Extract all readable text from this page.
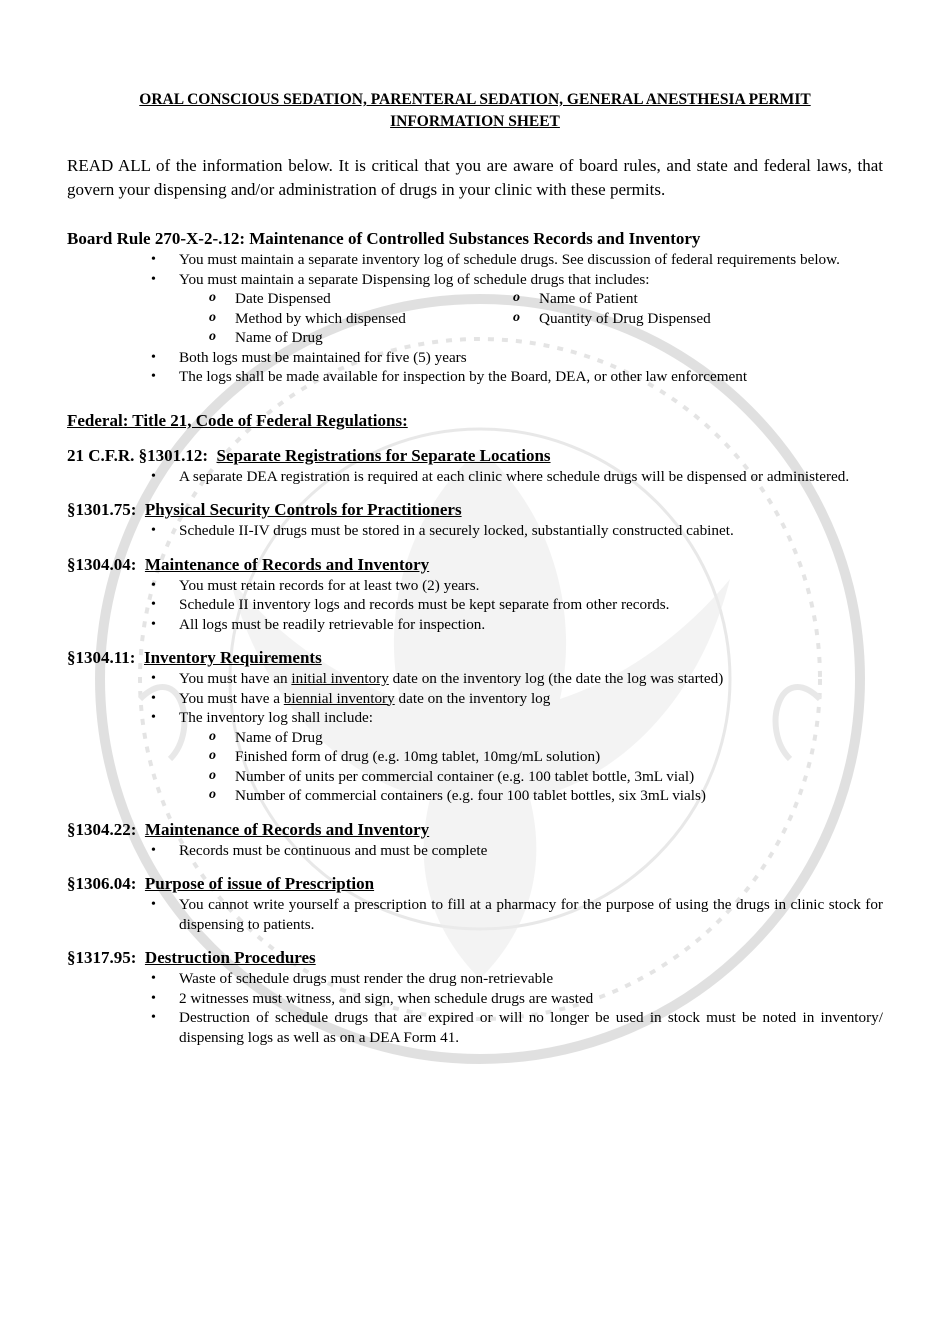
ORAL CONSCIOUS SEDATION, PARENTERAL SEDATION, GENERAL ANESTHESIA PERMIT
INFORMATION SHEET
READ ALL of the information below. It is critical that you are aware of board rules, and state and federal laws, that govern your dispensing and/or administration of drugs in your clinic with these permits.
Board Rule 270-X-2-.12: Maintenance of Controlled Substances Records and Inventory
• You must maintain a separate inventory log of schedule drugs. See discussion of federal requirements below.
• You must maintain a separate Dispensing log of schedule drugs that includes:
o Date Dispensed
o Method by which dispensed
o Name of Drug
o Name of Patient
o Quantity of Drug Dispensed
• Both logs must be maintained for five (5) years
• The logs shall be made available for inspection by the Board, DEA, or other law enforcement
Federal: Title 21, Code of Federal Regulations:
21 C.F.R. §1301.12: Separate Registrations for Separate Locations
• A separate DEA registration is required at each clinic where schedule drugs will be dispensed or administered.
§1301.75: Physical Security Controls for Practitioners
• Schedule II-IV drugs must be stored in a securely locked, substantially constructed cabinet.
§1304.04: Maintenance of Records and Inventory
• You must retain records for at least two (2) years.
• Schedule II inventory logs and records must be kept separate from other records.
• All logs must be readily retrievable for inspection.
§1304.11: Inventory Requirements
• You must have an initial inventory date on the inventory log (the date the log was started)
• You must have a biennial inventory date on the inventory log
• The inventory log shall include:
o Name of Drug
o Finished form of drug (e.g. 10mg tablet, 10mg/mL solution)
o Number of units per commercial container (e.g. 100 tablet bottle, 3mL vial)
o Number of commercial containers (e.g. four 100 tablet bottles, six 3mL vials)
§1304.22: Maintenance of Records and Inventory
• Records must be continuous and must be complete
§1306.04: Purpose of issue of Prescription
• You cannot write yourself a prescription to fill at a pharmacy for the purpose of using the drugs in clinic stock for dispensing to patients.
§1317.95: Destruction Procedures
• Waste of schedule drugs must render the drug non-retrievable
• 2 witnesses must witness, and sign, when schedule drugs are wasted
• Destruction of schedule drugs that are expired or will no longer be used in stock must be noted in inventory/ dispensing logs as well as on a DEA Form 41.
